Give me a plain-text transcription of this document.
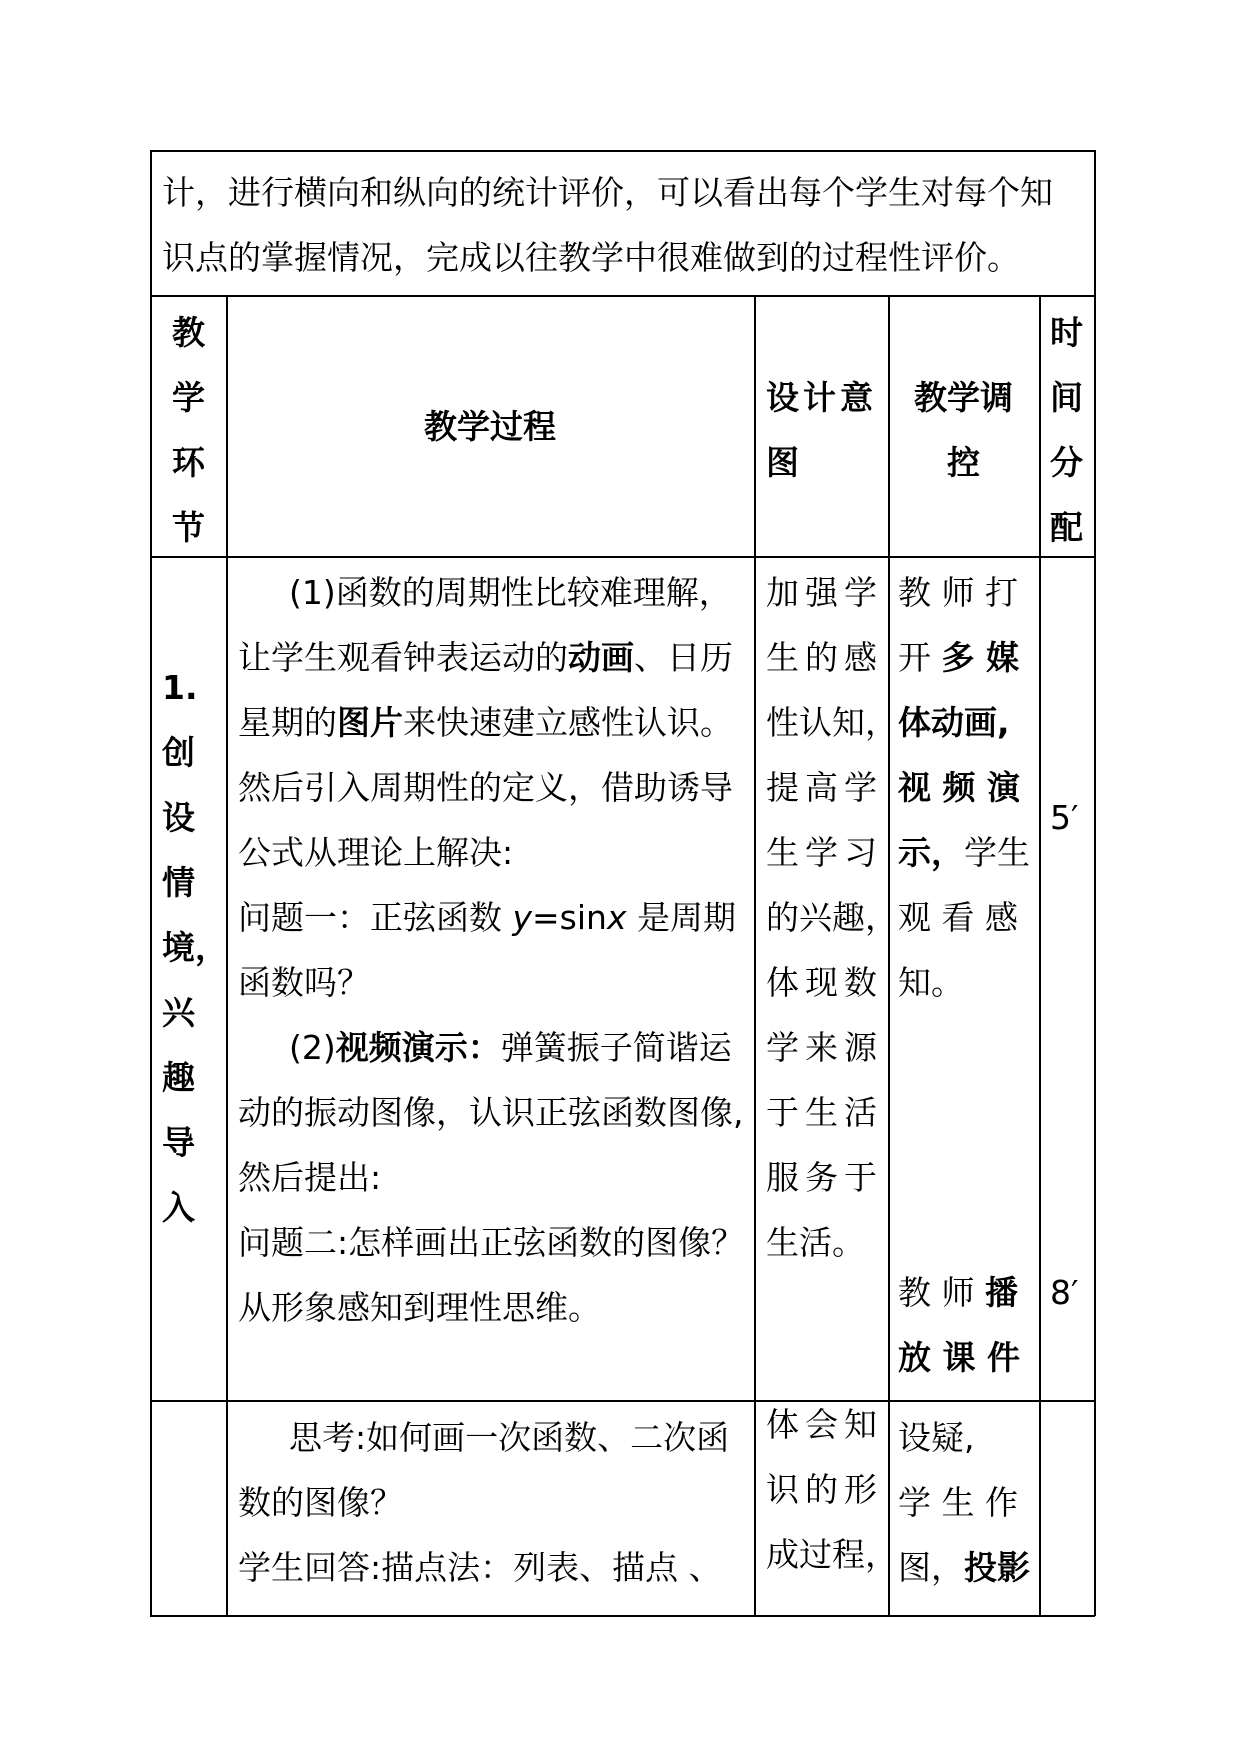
计，进行横向和纵向的统计评价，可以看出每个学生对每个知
识点的掌握情况，完成以往教学中很难做到的过程性评价。
教
学
环
节
教学过程
设计意
图
教学调
控
时
间
分
配
1.
创
设
情
境，
兴
趣
导
入
(1)函数的周期性比较难理解，
让学生观看钟表运动的动画、日历
星期的图片来快速建立感性认识。
然后引入周期性的定义，借助诱导
公式从理论上解决:
问题一：正弦函数 y=sinx 是周期
函数吗？
(2)视频演示：弹簧振子简谐运
动的振动图像，认识正弦函数图像,
然后提出:
问题二:怎样画出正弦函数的图像？
从形象感知到理性思维。
加强学
生的感
性认知，
提高学
生学习
的兴趣，
体现数
学来源
于生活
服务于
生活。
教 师 打
开 多 媒
体动画,
视 频 演
示，学生
观 看 感
知。
教 师 播
放 课 件
5′
8′
思考:如何画一次函数、二次函
数的图像？
学生回答:描点法：列表、描点 、
体会知
识的形
成过程，
设疑,
学 生 作
图，投影
